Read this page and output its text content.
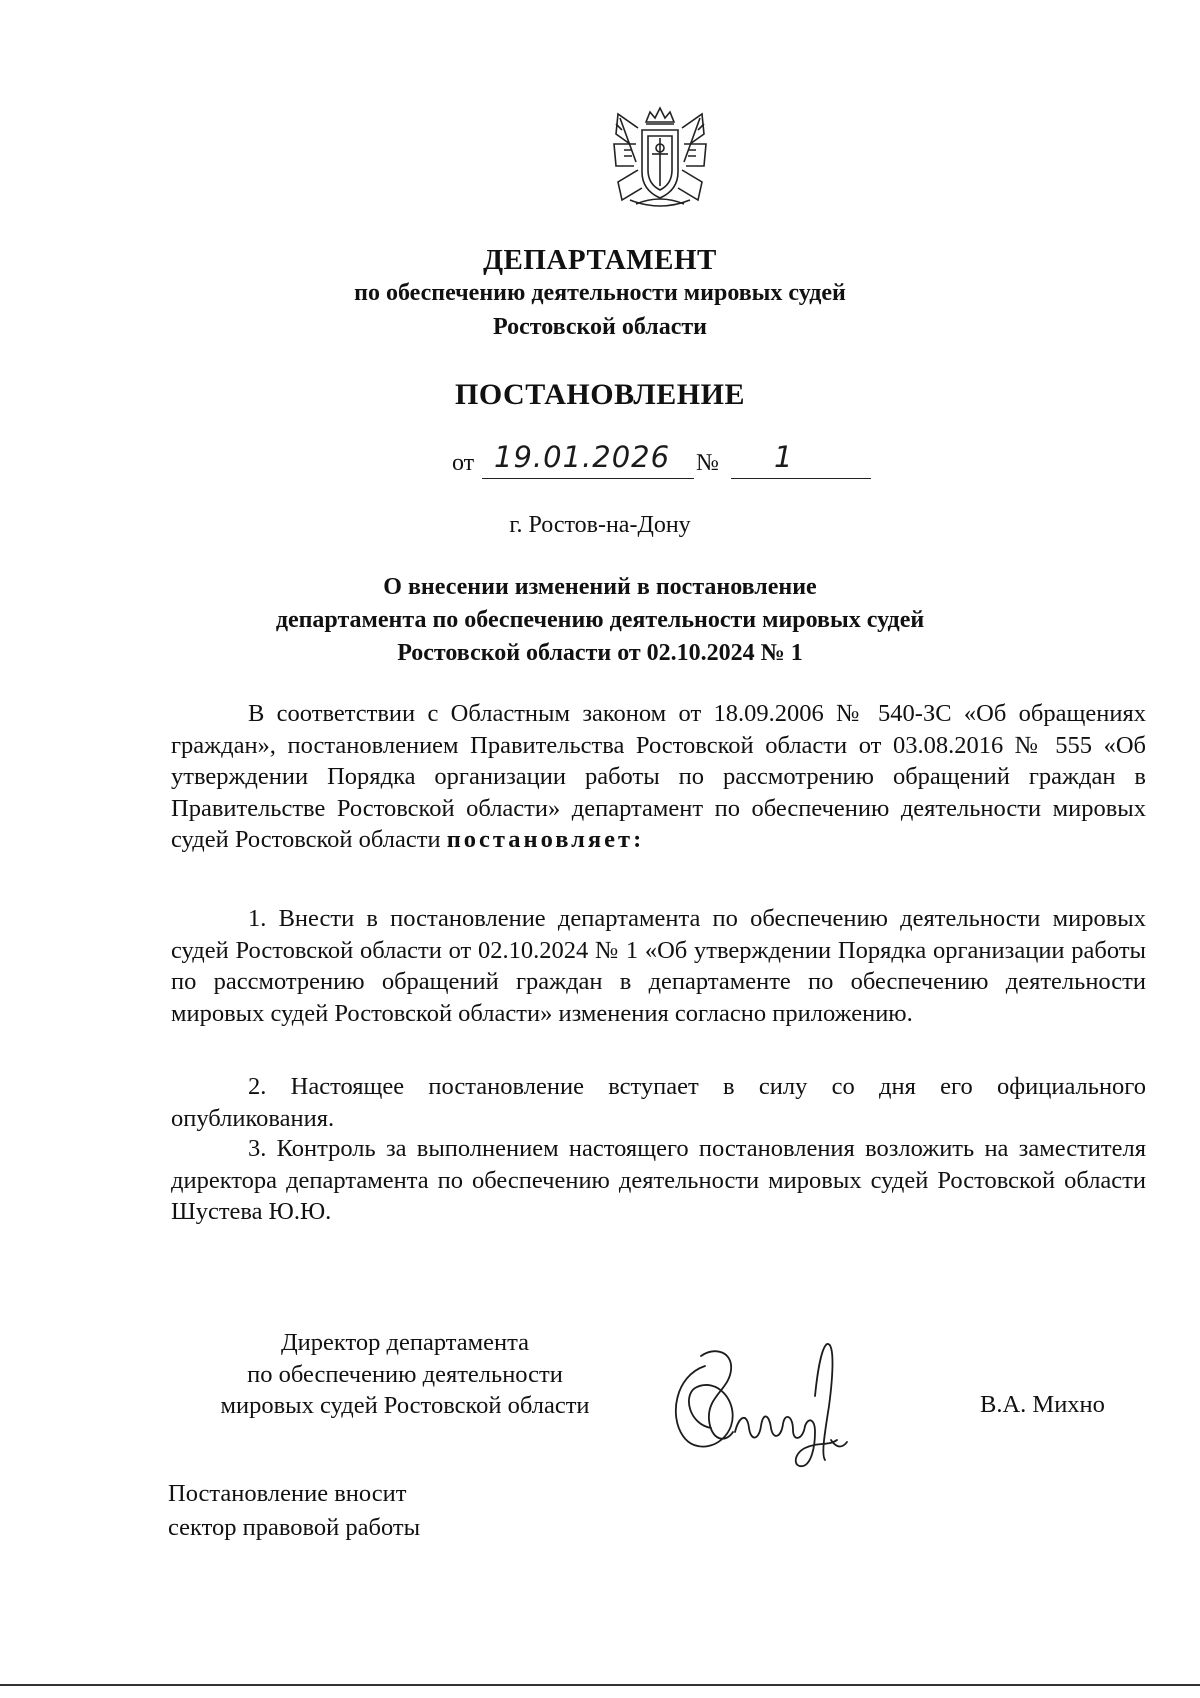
ДЕПАРТАМЕНТ

по обеспечению деятельности мировых судей

Ростовской области

ПОСТАНОВЛЕНИЕ
от 19.01.2026 № 1

г. Ростов-на-Дону

О внесении изменений в постановление

департамента по обеспечению деятельности мировых судей

Ростовской области от 02.10.2024 № 1

В соответствии с Областным законом от 18.09.2006 № 540-ЗС «Об обращениях граждан», постановлением Правительства Ростовской области от 03.08.2016 № 555 «Об утверждении Порядка организации работы по рассмотрению обращений граждан в Правительстве Ростовской области» департамент по обеспечению деятельности мировых судей Ростовской области постановляет:

1. Внести в постановление департамента по обеспечению деятельности мировых судей Ростовской области от 02.10.2024 № 1 «Об утверждении Порядка организации работы по рассмотрению обращений граждан в департаменте по обеспечению деятельности мировых судей Ростовской области» изменения согласно приложению.

2. Настоящее постановление вступает в силу со дня его официального опубликования.

3. Контроль за выполнением настоящего постановления возложить на заместителя директора департамента по обеспечению деятельности мировых судей Ростовской области Шустева Ю.Ю.

Директор департамента
по обеспечению деятельности
мировых судей Ростовской области	В.А. Михно

Постановление вносит
сектор правовой работы
